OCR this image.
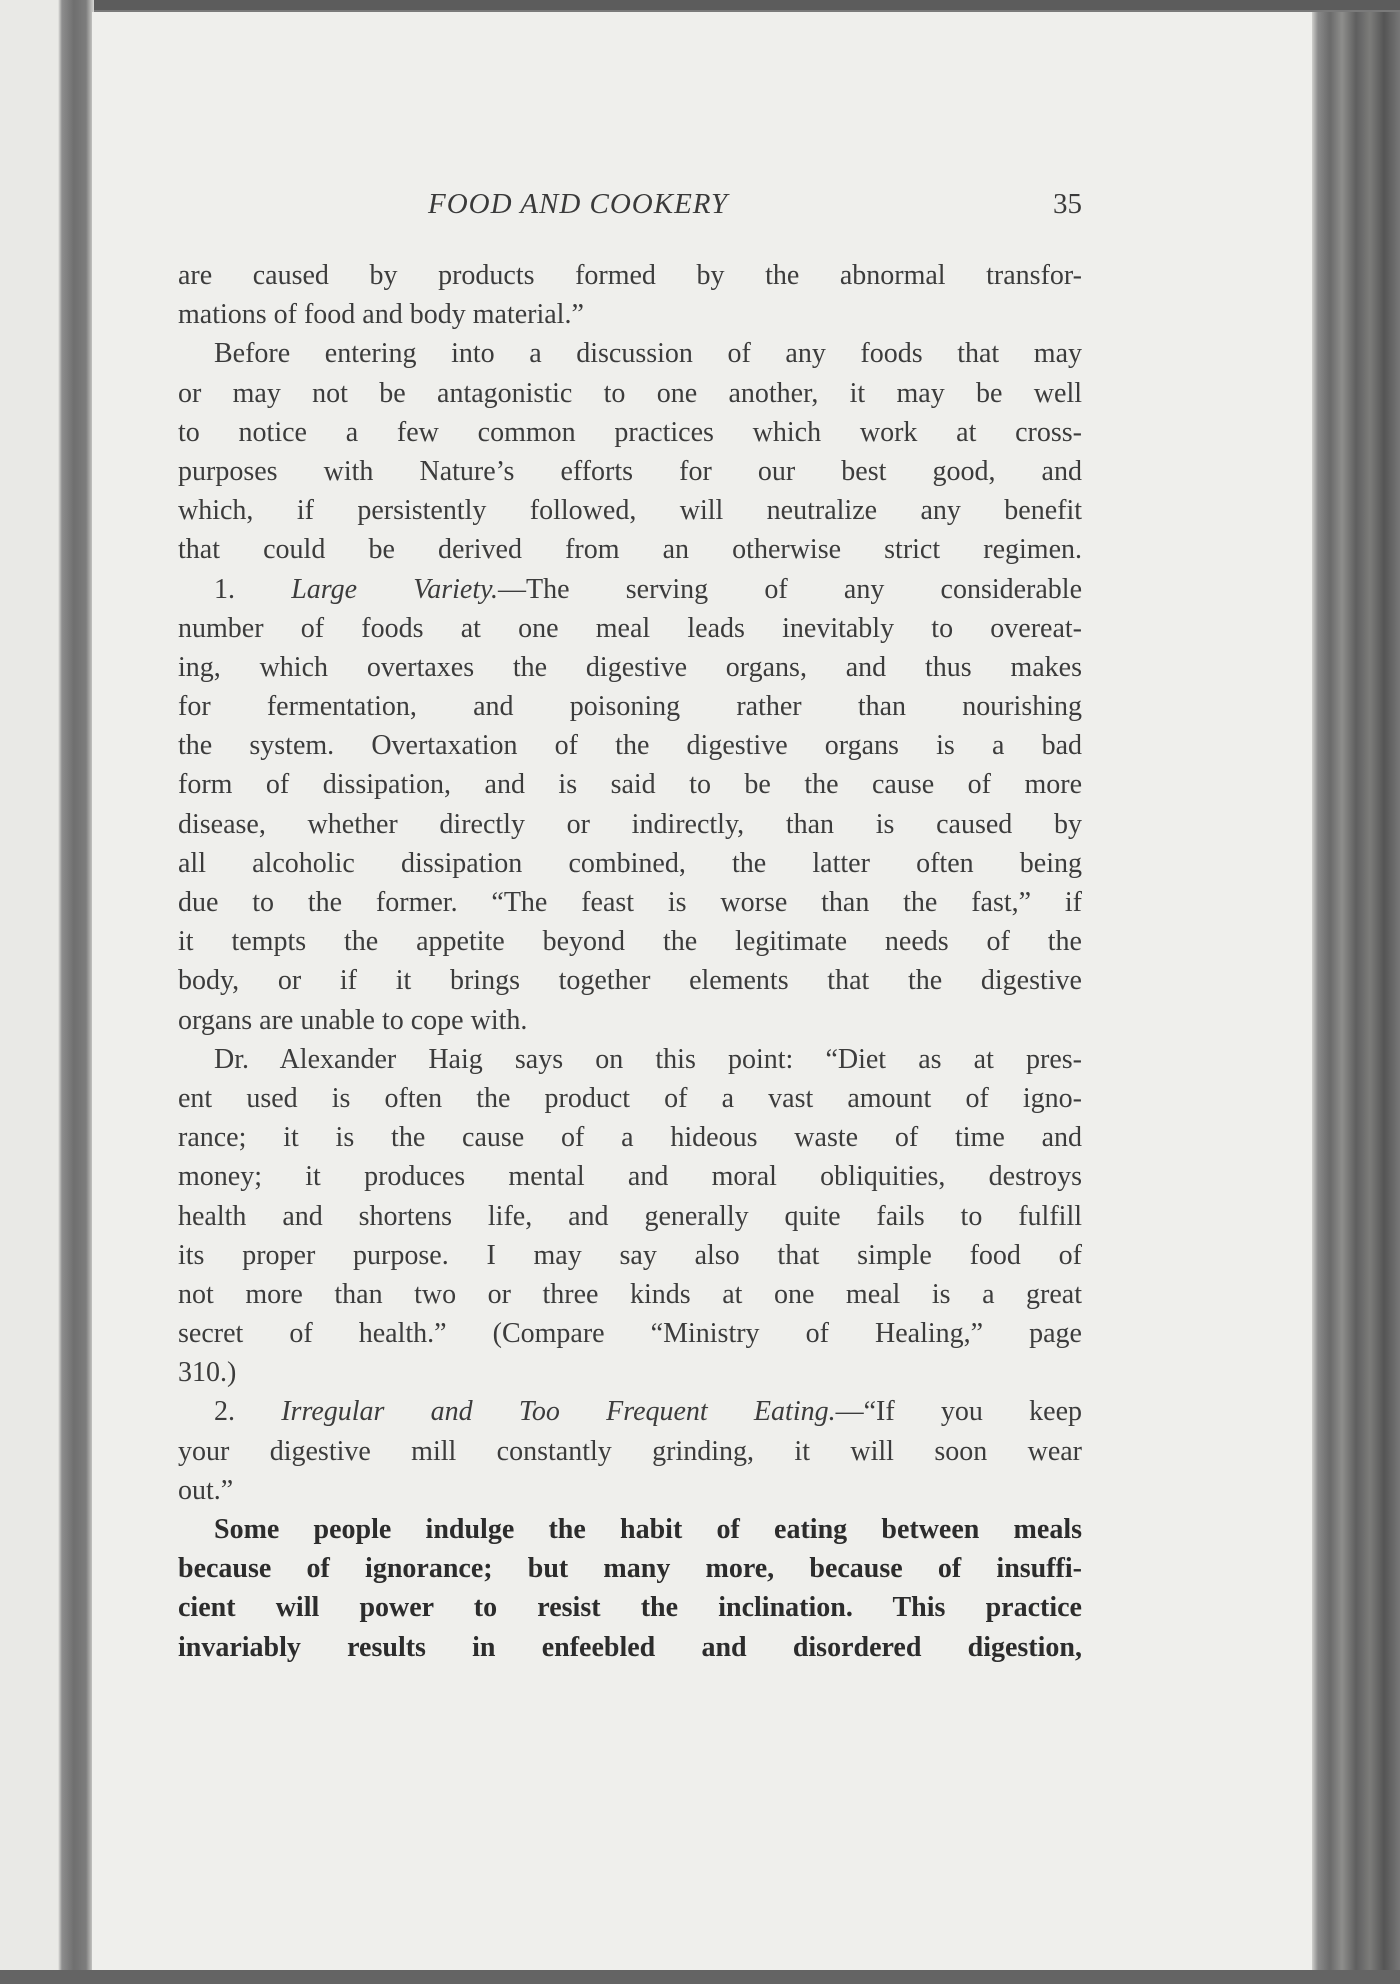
FOOD AND COOKERY	35
are caused by products formed by the abnormal transfor-
mations of food and body material.”
Before entering into a discussion of any foods that may
or may not be antagonistic to one another, it may be well
to notice a few common practices which work at cross-
purposes with Nature’s efforts for our best good, and
which, if persistently followed, will neutralize any benefit
that could be derived from an otherwise strict regimen.
1. Large Variety.—The serving of any considerable
number of foods at one meal leads inevitably to overeat-
ing, which overtaxes the digestive organs, and thus makes
for fermentation, and poisoning rather than nourishing
the system. Overtaxation of the digestive organs is a bad
form of dissipation, and is said to be the cause of more
disease, whether directly or indirectly, than is caused by
all alcoholic dissipation combined, the latter often being
due to the former. “The feast is worse than the fast,” if
it tempts the appetite beyond the legitimate needs of the
body, or if it brings together elements that the digestive
organs are unable to cope with.
Dr. Alexander Haig says on this point: “Diet as at pres-
ent used is often the product of a vast amount of igno-
rance; it is the cause of a hideous waste of time and
money; it produces mental and moral obliquities, destroys
health and shortens life, and generally quite fails to fulfill
its proper purpose. I may say also that simple food of
not more than two or three kinds at one meal is a great
secret of health.” (Compare “Ministry of Healing,” page
310.)
2. Irregular and Too Frequent Eating.—“If you keep
your digestive mill constantly grinding, it will soon wear
out.”
Some people indulge the habit of eating between meals
because of ignorance; but many more, because of insuffi-
cient will power to resist the inclination. This practice
invariably results in enfeebled and disordered digestion,
